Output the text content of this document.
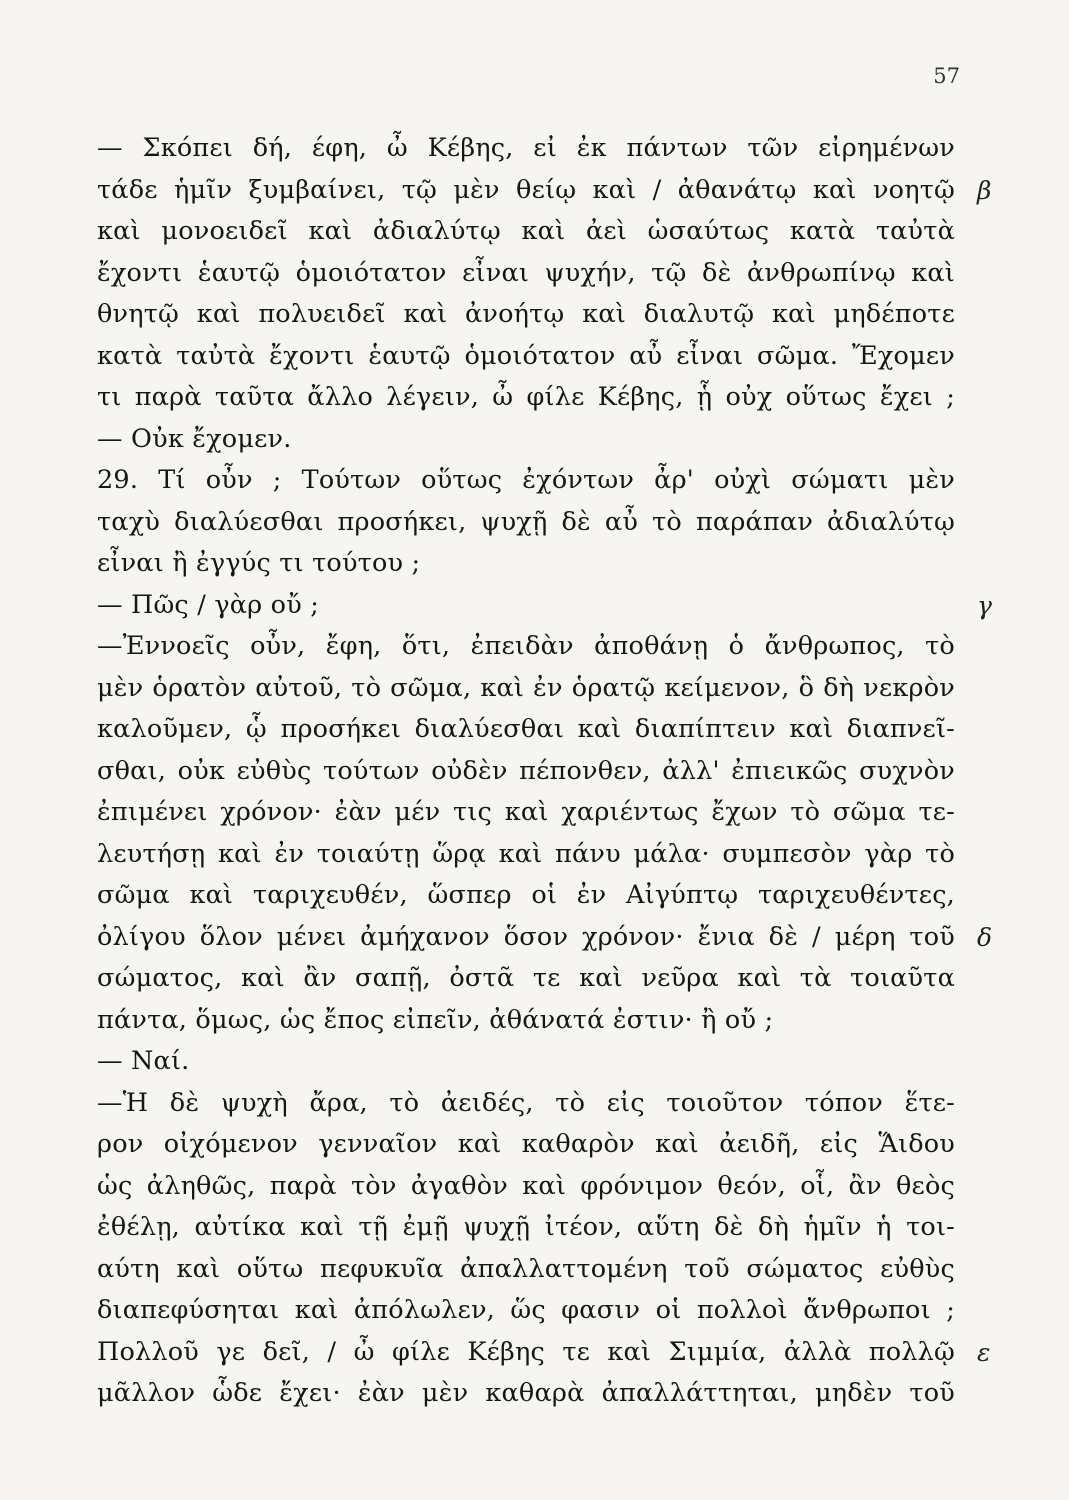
57
— Σκόπει δή, έφη, ὦ Κέβης, εἰ ἐκ πάντων τῶν εἰρημένων
τάδε ἡμῖν ξυμβαίνει, τῷ μὲν θείῳ καὶ / ἀθανάτῳ καὶ νοητῷ β
καὶ μονοειδεῖ καὶ ἀδιαλύτῳ καὶ ἀεὶ ὡσαύτως κατὰ ταὐτὰ
ἔχοντι ἑαυτῷ ὁμοιότατον εἶναι ψυχήν, τῷ δὲ ἀνθρωπίνῳ καὶ
θνητῷ καὶ πολυειδεῖ καὶ ἀνοήτῳ καὶ διαλυτῷ καὶ μηδέποτε
κατὰ ταὐτὰ ἔχοντι ἑαυτῷ ὁμοιότατον αὖ εἶναι σῶμα. Ἔχομεν
τι παρὰ ταῦτα ἄλλο λέγειν, ὦ φίλε Κέβης, ᾗ οὐχ οὕτως ἔχει ;
— Οὐκ ἔχομεν.
29. Τί οὖν ; Τούτων οὕτως ἐχόντων ἆρ' οὐχὶ σώματι μὲν
ταχὺ διαλύεσθαι προσήκει, ψυχῇ δὲ αὖ τὸ παράπαν ἀδιαλύτῳ
εἶναι ἢ ἐγγύς τι τούτου ;
— Πῶς / γὰρ οὔ ;	γ
—Ἐννοεῖς οὖν, ἔφη, ὅτι, ἐπειδὰν ἀποθάνῃ ὁ ἄνθρωπος, τὸ
μὲν ὁρατὸν αὐτοῦ, τὸ σῶμα, καὶ ἐν ὁρατῷ κείμενον, ὃ δὴ νεκρὸν
καλοῦμεν, ᾧ προσήκει διαλύεσθαι καὶ διαπίπτειν καὶ διαπνεῖ-
σθαι, οὐκ εὐθὺς τούτων οὐδὲν πέπονθεν, ἀλλ' ἐπιεικῶς συχνὸν
ἐπιμένει χρόνον· ἐὰν μέν τις καὶ χαριέντως ἔχων τὸ σῶμα τε-
λευτήσῃ καὶ ἐν τοιαύτῃ ὥρᾳ καὶ πάνυ μάλα· συμπεσὸν γὰρ τὸ
σῶμα καὶ ταριχευθέν, ὥσπερ οἱ ἐν Αἰγύπτῳ ταριχευθέντες,
ὀλίγου ὅλον μένει ἀμήχανον ὅσον χρόνον· ἔνια δὲ / μέρη τοῦ δ
σώματος, καὶ ἂν σαπῇ, ὀστᾶ τε καὶ νεῦρα καὶ τὰ τοιαῦτα
πάντα, ὅμως, ὡς ἔπος εἰπεῖν, ἀθάνατά ἐστιν· ἢ οὔ ;
— Ναί.
—Ἡ δὲ ψυχὴ ἄρα, τὸ ἀειδές, τὸ εἰς τοιοῦτον τόπον ἕτε-
ρον οἰχόμενον γενναῖον καὶ καθαρὸν καὶ ἀειδῆ, εἰς Ἅιδου
ὡς ἀληθῶς, παρὰ τὸν ἀγαθὸν καὶ φρόνιμον θεόν, οἷ, ἂν θεὸς
ἐθέλῃ, αὐτίκα καὶ τῇ ἐμῇ ψυχῇ ἰτέον, αὕτη δὲ δὴ ἡμῖν ἡ τοι-
αύτη καὶ οὕτω πεφυκυῖα ἀπαλλαττομένη τοῦ σώματος εὐθὺς
διαπεφύσηται καὶ ἀπόλωλεν, ὥς φασιν οἱ πολλοὶ ἄνθρωποι ;
Πολλοῦ γε δεῖ, / ὦ φίλε Κέβης τε καὶ Σιμμία, ἀλλὰ πολλῷ ε
μᾶλλον ὧδε ἔχει· ἐὰν μὲν καθαρὰ ἀπαλλάττηται, μηδὲν τοῦ
